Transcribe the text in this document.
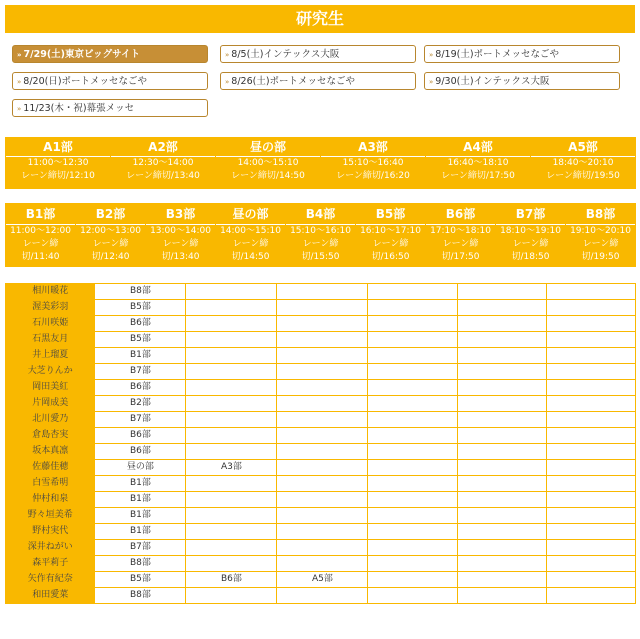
研究生
» 7/29(土)東京ビッグサイト	» 8/5(土)インテックス大阪	» 8/19(土)ポートメッセなごや
» 8/20(日)ポートメッセなごや	» 8/26(土)ポートメッセなごや	» 9/30(土)インテックス大阪
» 11/23(木・祝)幕張メッセ
A1部
11:00～12:30
レーン締切/12:10

A2部
12:30～14:00
レーン締切/13:40

昼の部
14:00～15:10
レーン締切/14:50

A3部
15:10～16:40
レーン締切/16:20

A4部
16:40～18:10
レーン締切/17:50

A5部
18:40～20:10
レーン締切/19:50
B1部
11:00～12:00
レーン締
切/11:40

B2部
12:00～13:00
レーン締
切/12:40

B3部
13:00～14:00
レーン締
切/13:40

昼の部
14:00～15:10
レーン締
切/14:50

B4部
15:10～16:10
レーン締
切/15:50

B5部
16:10～17:10
レーン締
切/16:50

B6部
17:10～18:10
レーン締
切/17:50

B7部
18:10～19:10
レーン締
切/18:50

B8部
19:10～20:10
レーン締
切/19:50
相川暖花	B8部					
渥美彩羽	B5部					
石川咲姫	B6部					
石黒友月	B5部					
井上瑠夏	B1部					
大芝りんか	B7部					
岡田美紅	B6部					
片岡成美	B2部					
北川愛乃	B7部					
倉島杏実	B6部					
坂本真凛	B6部					
佐藤佳穂	昼の部	A3部				
白雪希明	B1部					
仲村和泉	B1部					
野々垣美希	B1部					
野村実代	B1部					
深井ねがい	B7部					
森平莉子	B8部					
矢作有紀奈	B5部	B6部	A5部			
和田愛菜	B8部					
